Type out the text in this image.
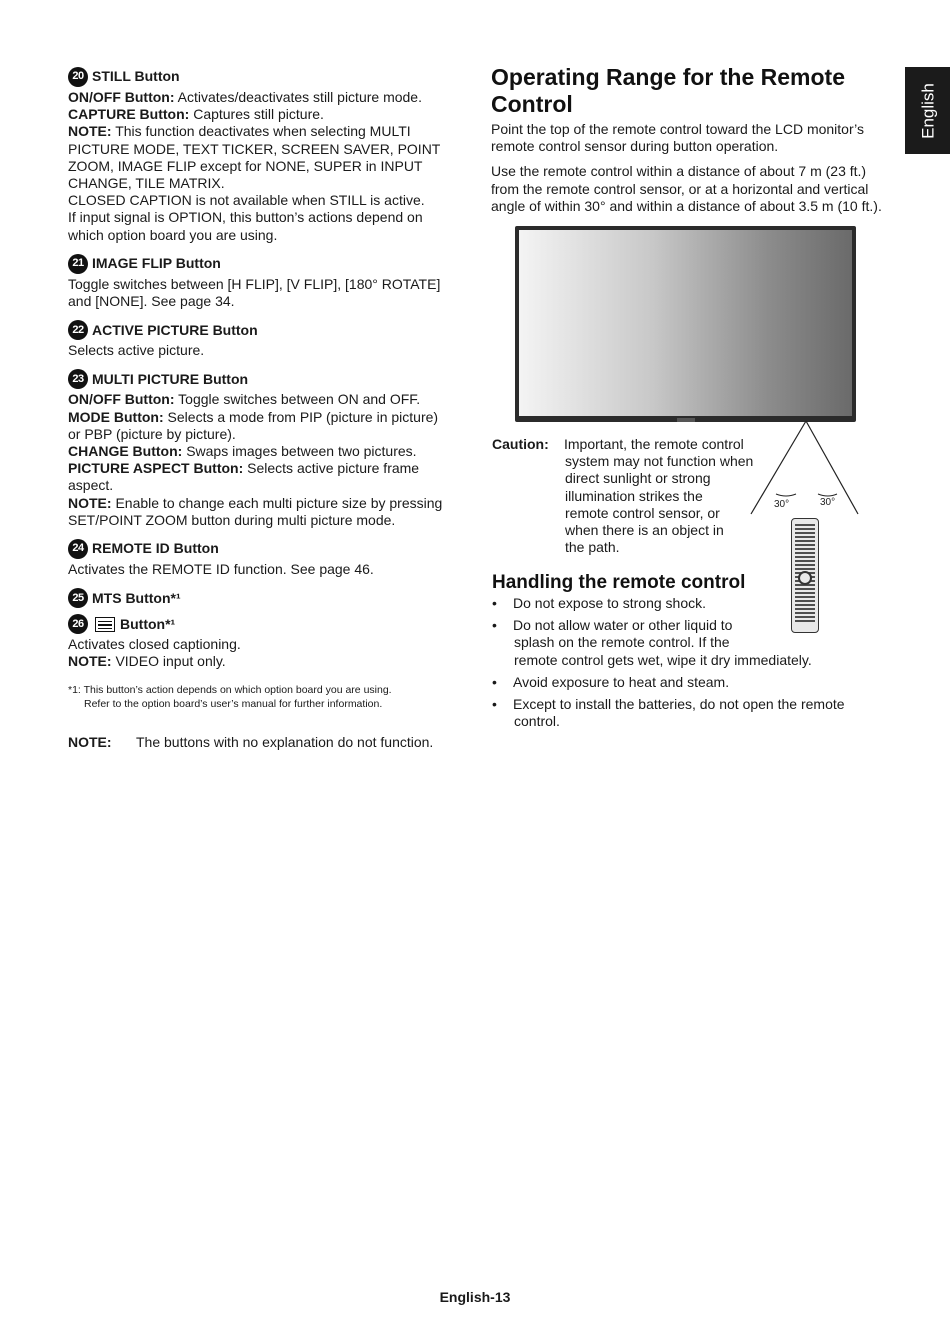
English
20 STILL Button
ON/OFF Button: Activates/deactivates still picture mode.
CAPTURE Button: Captures still picture.
NOTE: This function deactivates when selecting MULTI
PICTURE MODE, TEXT TICKER, SCREEN SAVER, POINT
ZOOM, IMAGE FLIP except for NONE, SUPER in INPUT
CHANGE, TILE MATRIX.
CLOSED CAPTION is not available when STILL is active.
If input signal is OPTION, this button’s actions depend on
which option board you are using.
21 IMAGE FLIP Button
Toggle switches between [H FLIP], [V FLIP], [180° ROTATE]
and [NONE]. See page 34.
22 ACTIVE PICTURE Button
Selects active picture.
23 MULTI PICTURE Button
ON/OFF Button: Toggle switches between ON and OFF.
MODE Button: Selects a mode from PIP (picture in picture)
or PBP (picture by picture).
CHANGE Button: Swaps images between two pictures.
PICTURE ASPECT Button: Selects active picture frame
aspect.
NOTE: Enable to change each multi picture size by pressing
SET/POINT ZOOM button during multi picture mode.
24 REMOTE ID Button
Activates the REMOTE ID function. See page 46.
25 MTS Button*¹
26	Button*¹
Activates closed captioning.
NOTE: VIDEO input only.
*1: This button’s action depends on which option board you are using.
Refer to the option board’s user’s manual for further information.
NOTE:	The buttons with no explanation do not function.
Operating Range for the Remote
Control
Point the top of the remote control toward the LCD monitor’s
remote control sensor during button operation.
Use the remote control within a distance of about 7 m (23 ft.)
from the remote control sensor, or at a horizontal and vertical
angle of within 30° and within a distance of about 3.5 m (10 ft.).
30°	30°
Caution:	Important, the remote control
system may not function when
direct sunlight or strong
illumination strikes the
remote control sensor, or
when there is an object in
the path.
Handling the remote control
•	Do not expose to strong shock.
•	Do not allow water or other liquid to
splash on the remote control. If the
remote control gets wet, wipe it dry immediately.
•	Avoid exposure to heat and steam.
•	Except to install the batteries, do not open the remote
control.
English-13
